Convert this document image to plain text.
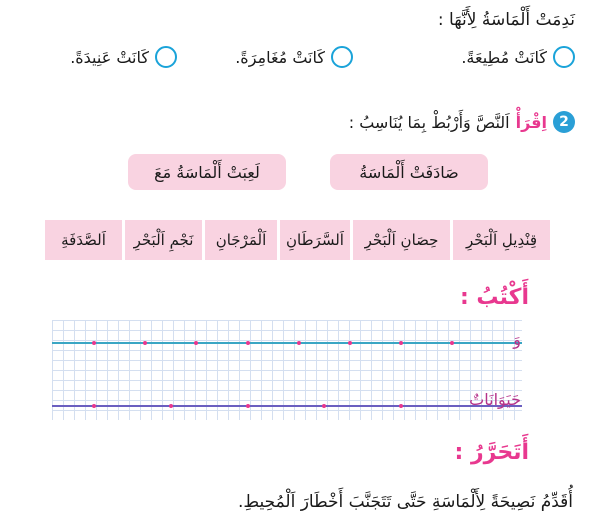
نَدِمَتْ أَلْمَاسَةُ لِأَنَّهَا :
كَانَتْ مُطِيعَةً.
كَانَتْ مُغَامِرَةً.
كَانَتْ عَنِيدَةً.
2
اِقْرَأْ
اَلنَّصَّ وَأَرْبُطْ بِمَا يُنَاسِبُ :
صَادَفَتْ أَلْمَاسَةُ
لَعِبَتْ أَلْمَاسَةُ مَعَ
قِنْدِيلِ اَلْبَحْرِ
حِصَانِ اَلْبَحْرِ
اَلسَّرَطَانِ
اَلْمَرْجَانِ
نَجْمِ اَلْبَحْرِ
اَلصَّدَفَةِ
أَكْتُبُ :
وَ
حَيَوَانَاتٌ
أَتَحَرَّرُ :
أُقَدِّمُ نَصِيحَةً لِأَلْمَاسَةِ حَتَّى تَتَجَنَّبَ أَخْطَارَ اَلْمُحِيطِ.
